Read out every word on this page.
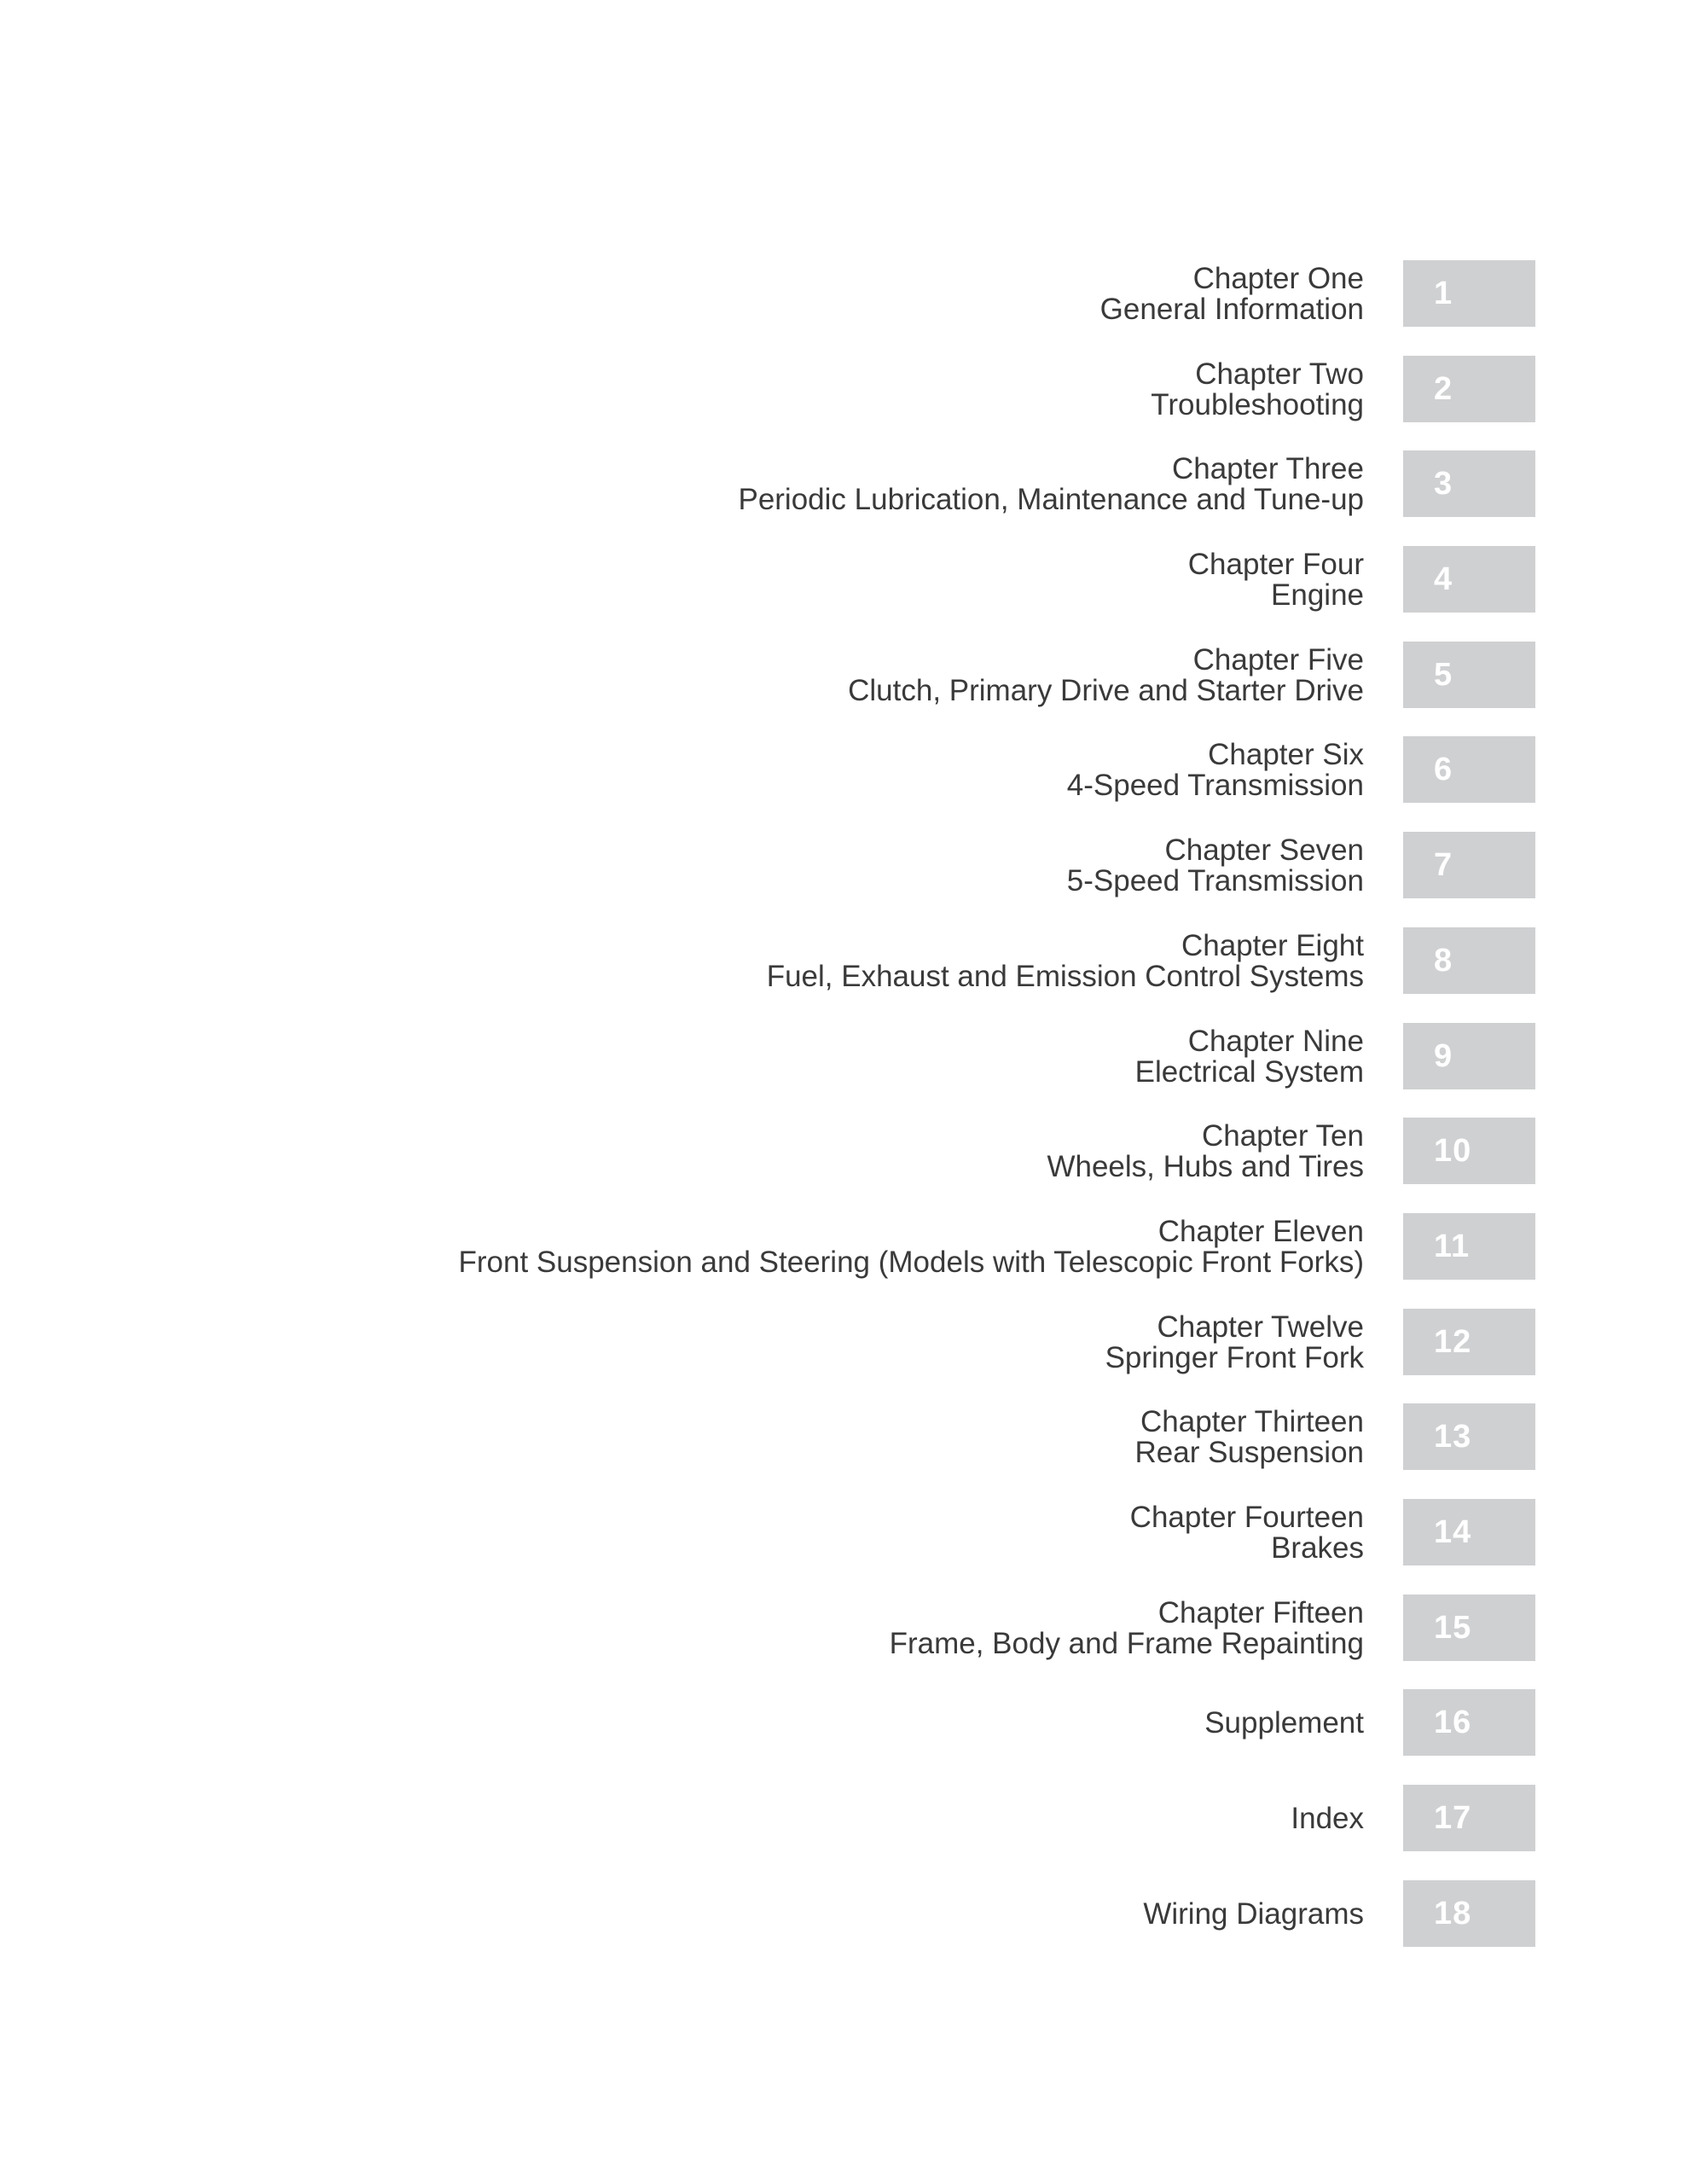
Chapter One
General Information	1
Chapter Two
Troubleshooting	2
Chapter Three
Periodic Lubrication, Maintenance and Tune-up	3
Chapter Four
Engine	4
Chapter Five
Clutch, Primary Drive and Starter Drive	5
Chapter Six
4-Speed Transmission	6
Chapter Seven
5-Speed Transmission	7
Chapter Eight
Fuel, Exhaust and Emission Control Systems	8
Chapter Nine
Electrical System	9
Chapter Ten
Wheels, Hubs and Tires	10
Chapter Eleven
Front Suspension and Steering (Models with Telescopic Front Forks)	11
Chapter Twelve
Springer Front Fork	12
Chapter Thirteen
Rear Suspension	13
Chapter Fourteen
Brakes	14
Chapter Fifteen
Frame, Body and Frame Repainting	15
Supplement	16
Index	17
Wiring Diagrams	18
